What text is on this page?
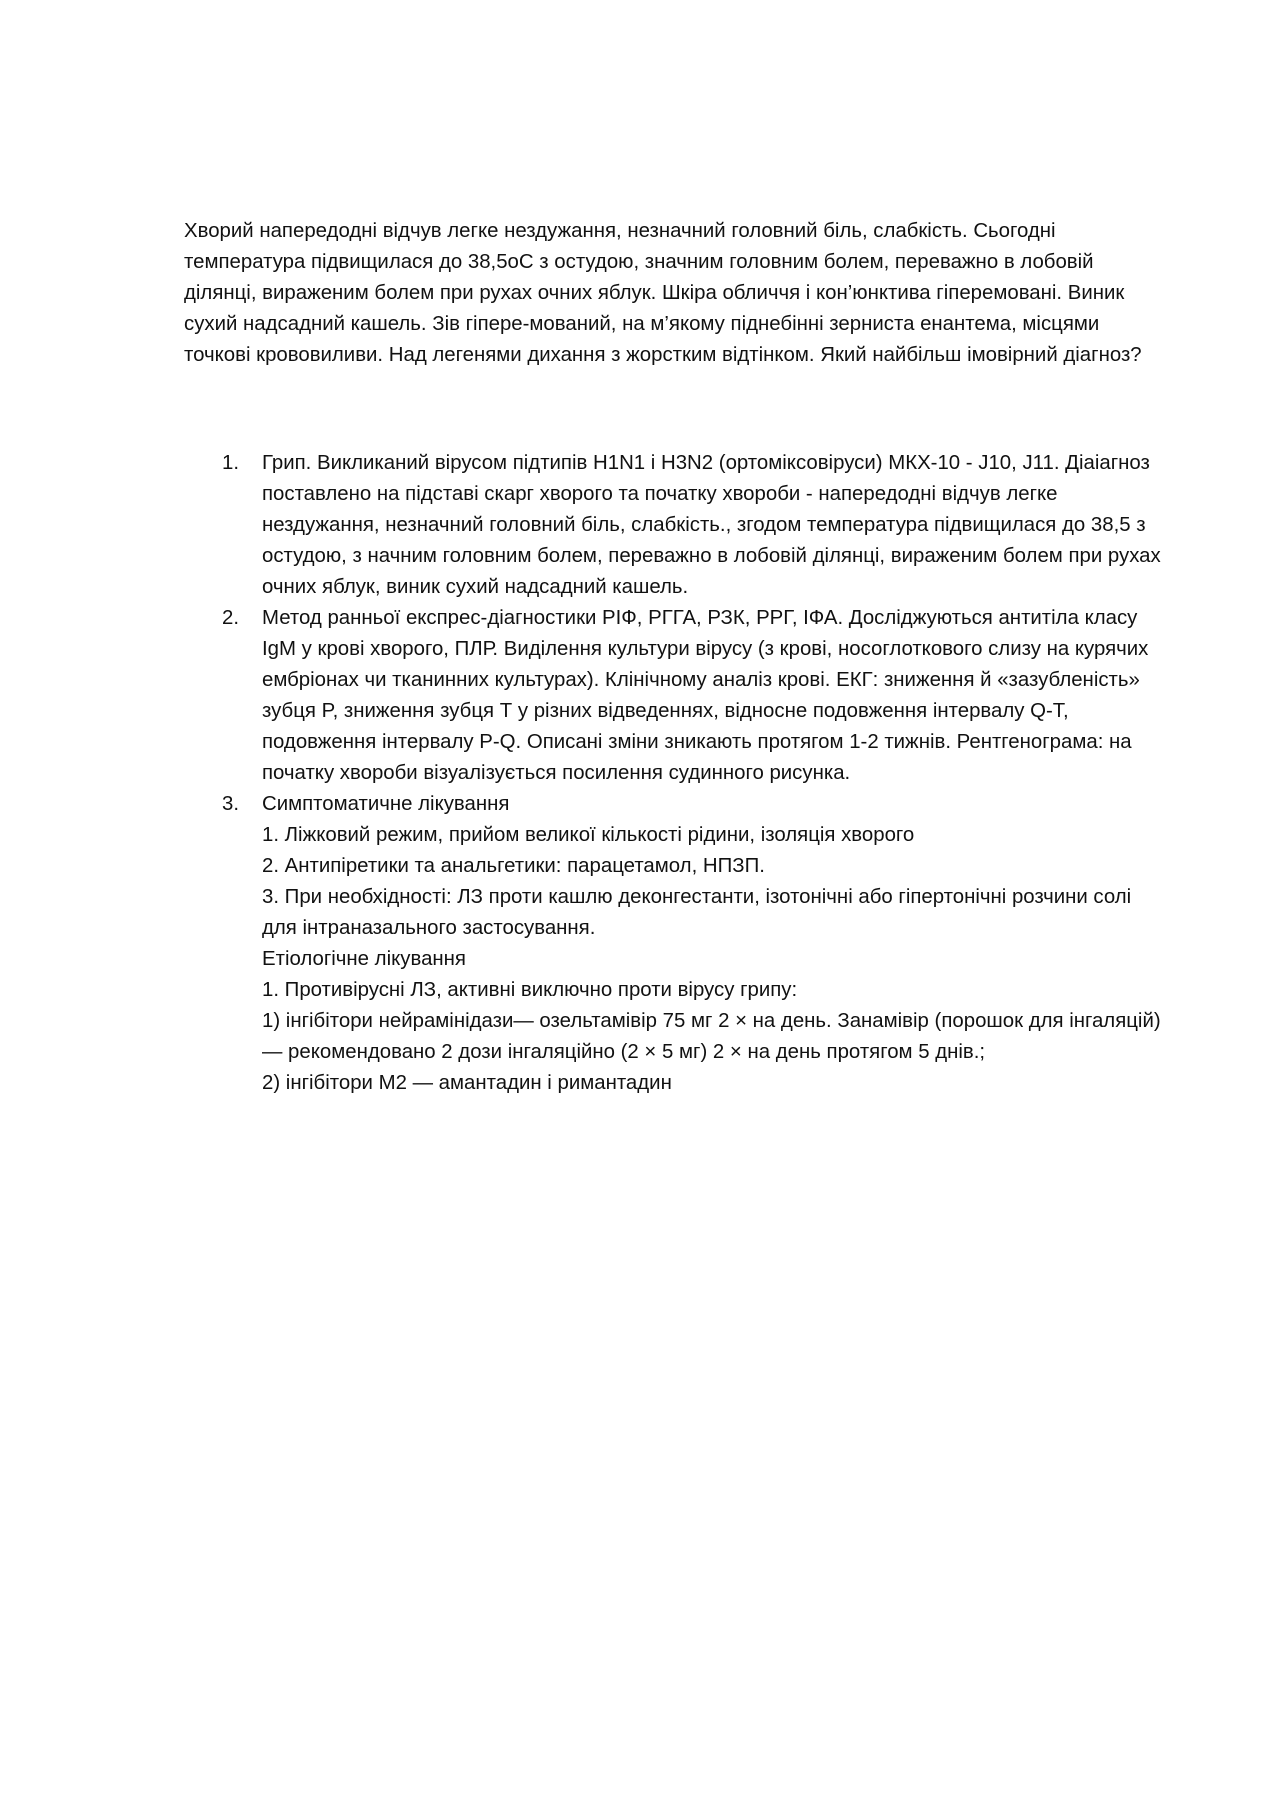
Хворий напередодні відчув легке нездужання, незначний головний біль, слабкість. Сьогодні температура підвищилася до 38,5оС з остудою, значним головним болем, переважно в лобовій ділянці, вираженим болем при рухах очних яблук. Шкіра обличчя і кон’юнктива гіперемовані. Виник сухий надсадний кашель. Зів гіпере-мований, на м’якому піднебінні зерниста енантема, місцями точкові крововиливи. Над легенями дихання з жорстким відтінком. Який найбільш імовірний діагноз?

1.	Грип. Викликаний вірусом підтипів H1N1 і H3N2 (ортоміксовіруси) МКХ-10 - J10, J11. Діаіагноз поставлено на підставі скарг хворого та початку хвороби - напередодні відчув легке нездужання, незначний головний біль, слабкість., згодом температура підвищилася до 38,5 з остудою, з начним головним болем, переважно в лобовій ділянці, вираженим болем при рухах очних яблук, виник сухий надсадний кашель.
2.	Метод ранньої експрес-діагностики РІФ, РГГА, РЗК, РРГ, ІФА. Досліджуються антитіла класу IgM у крові хворого, ПЛР. Виділення культури вірусу (з крові, носоглоткового слизу на курячих ембріонах чи тканинних культурах). Клінічному аналіз крові. ЕКГ: зниження й «зазубленість» зубця P, зниження зубця Т у різних відведеннях, відносне подовження інтервалу Q-T, подовження інтервалу P-Q. Описані зміни зникають протягом 1-2 тижнів. Рентгенограма: на початку хвороби візуалізується посилення судинного рисунка.
3.	Симптоматичне лікування
1. Ліжковий режим, прийом великої кількості рідини, ізоляція хворого
2. Антипіретики та анальгетики: парацетамол, НПЗП.
3. При необхідності: ЛЗ проти кашлю деконгестанти, ізотонічні або гіпертонічні розчини солі для інтраназального застосування.
Етіологічне лікування
1. Противірусні ЛЗ, активні виключно проти вірусу грипу:
1) інгібітори нейрамінідази— озельтамівір 75 мг 2 × на день. Занамівір (порошок для інгаляцій) — рекомендовано 2 дози інгаляційно (2 × 5 мг) 2 × на день протягом 5 днів.;
2) інгібітори М2 — амантадин і римантадин
